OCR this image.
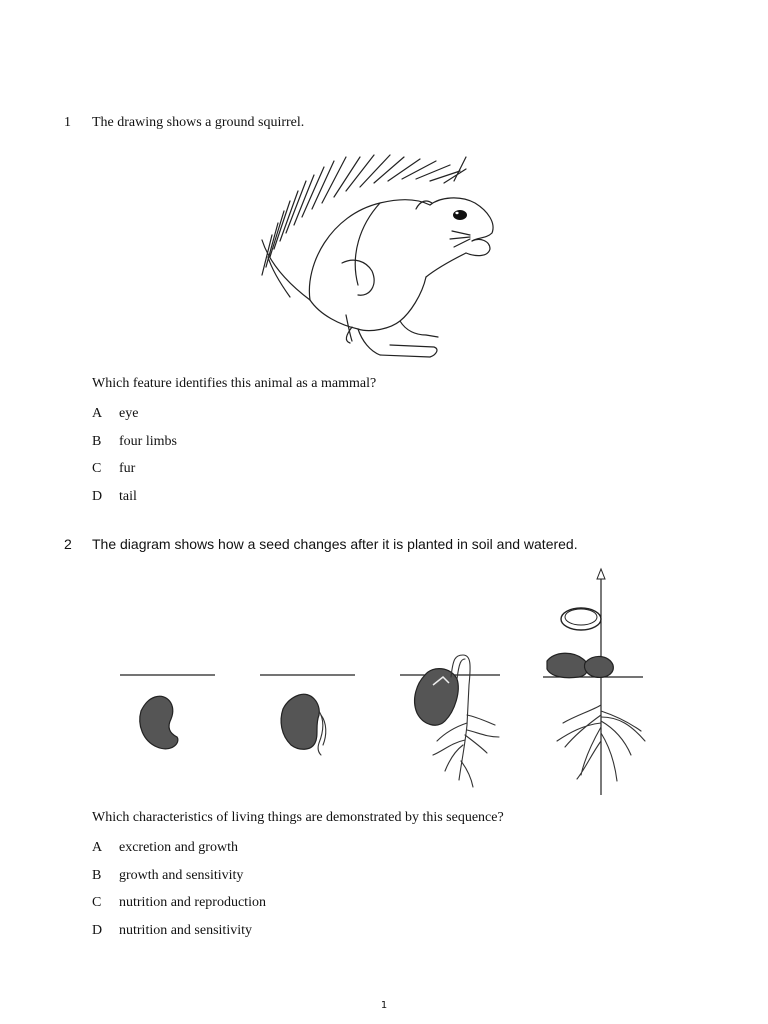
1 The drawing shows a ground squirrel.
Which feature identifies this animal as a mammal?
A eye
B four limbs
C fur
D tail
2 The diagram shows how a seed changes after it is planted in soil and watered.
Which characteristics of living things are demonstrated by this sequence?
A excretion and growth
B growth and sensitivity
C nutrition and reproduction
D nutrition and sensitivity
1
